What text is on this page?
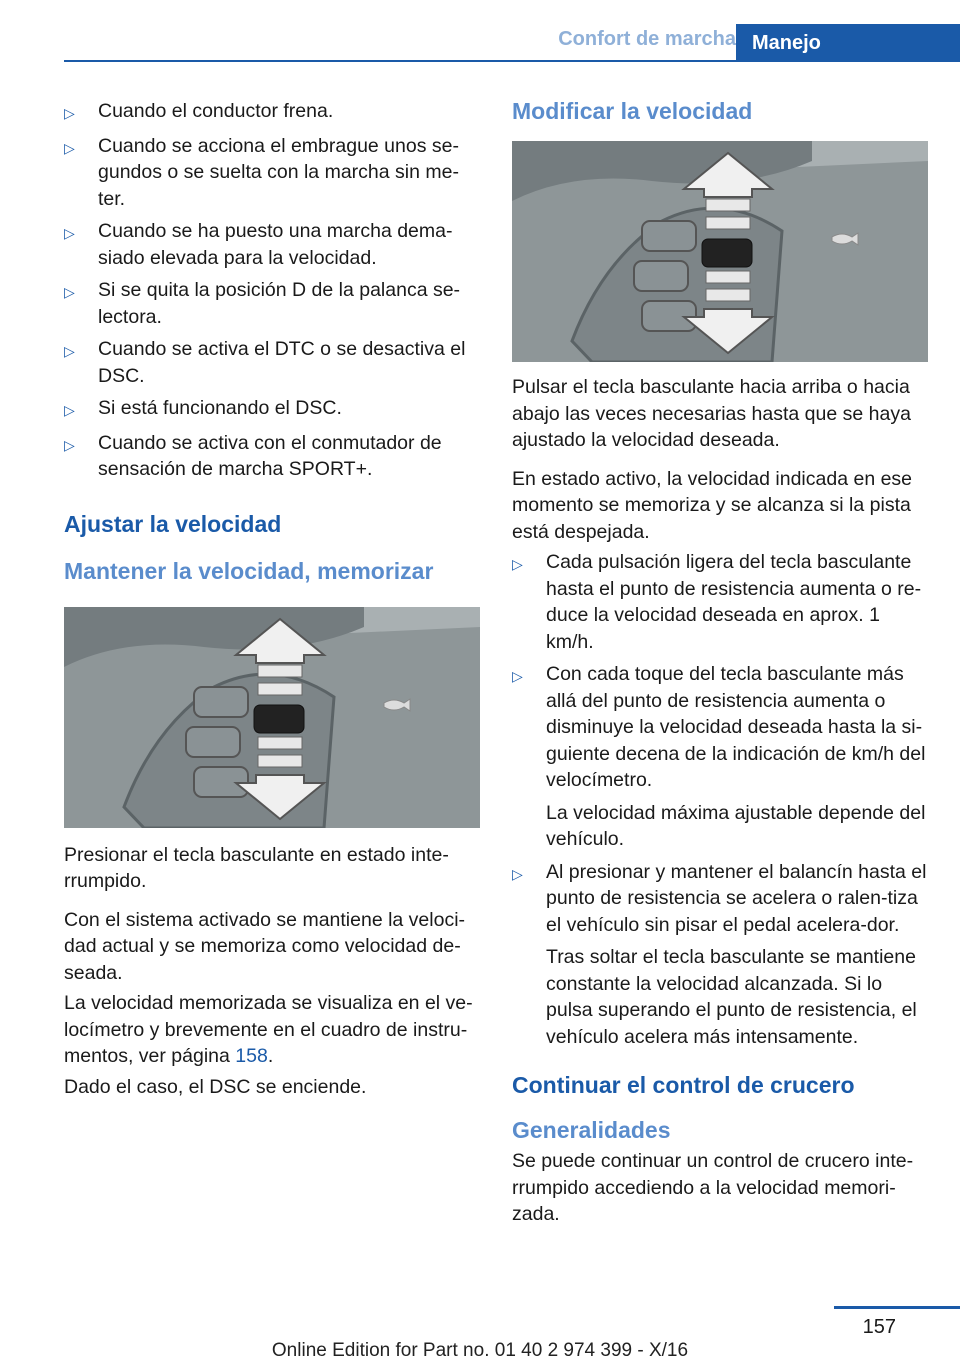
Confort de marcha Manejo
▷	Cuando el conductor frena.
▷	Cuando se acciona el embrague unos se-gundos o se suelta con la marcha sin me-ter.
▷	Cuando se ha puesto una marcha dema-siado elevada para la velocidad.
▷	Si se quita la posición D de la palanca se-lectora.
▷	Cuando se activa el DTC o se desactiva el DSC.
▷	Si está funcionando el DSC.
▷	Cuando se activa con el conmutador de sensación de marcha SPORT+.
Ajustar la velocidad
Mantener la velocidad, memorizar

Presionar el tecla basculante en estado inte-rrumpido.

Con el sistema activado se mantiene la veloci-dad actual y se memoriza como velocidad de-seada.

La velocidad memorizada se visualiza en el ve-locímetro y brevemente en el cuadro de instru-mentos, ver página 158.

Dado el caso, el DSC se enciende.

Modificar la velocidad

Pulsar el tecla basculante hacia arriba o hacia abajo las veces necesarias hasta que se haya ajustado la velocidad deseada.

En estado activo, la velocidad indicada en ese momento se memoriza y se alcanza si la pista está despejada.

▷	Cada pulsación ligera del tecla basculante hasta el punto de resistencia aumenta o re-duce la velocidad deseada en aprox. 1 km/h.
▷	Con cada toque del tecla basculante más allá del punto de resistencia aumenta o disminuye la velocidad deseada hasta la si-guiente decena de la indicación de km/h del velocímetro.
La velocidad máxima ajustable depende del vehículo.
▷	Al presionar y mantener el balancín hasta el punto de resistencia se acelera o ralen-tiza el vehículo sin pisar el pedal acelera-dor.
Tras soltar el tecla basculante se mantiene constante la velocidad alcanzada. Si lo pulsa superando el punto de resistencia, el vehículo acelera más intensamente.
Continuar el control de crucero
Generalidades

Se puede continuar un control de crucero inte-rrumpido accediendo a la velocidad memori-zada.

157
Online Edition for Part no. 01 40 2 974 399 - X/16
